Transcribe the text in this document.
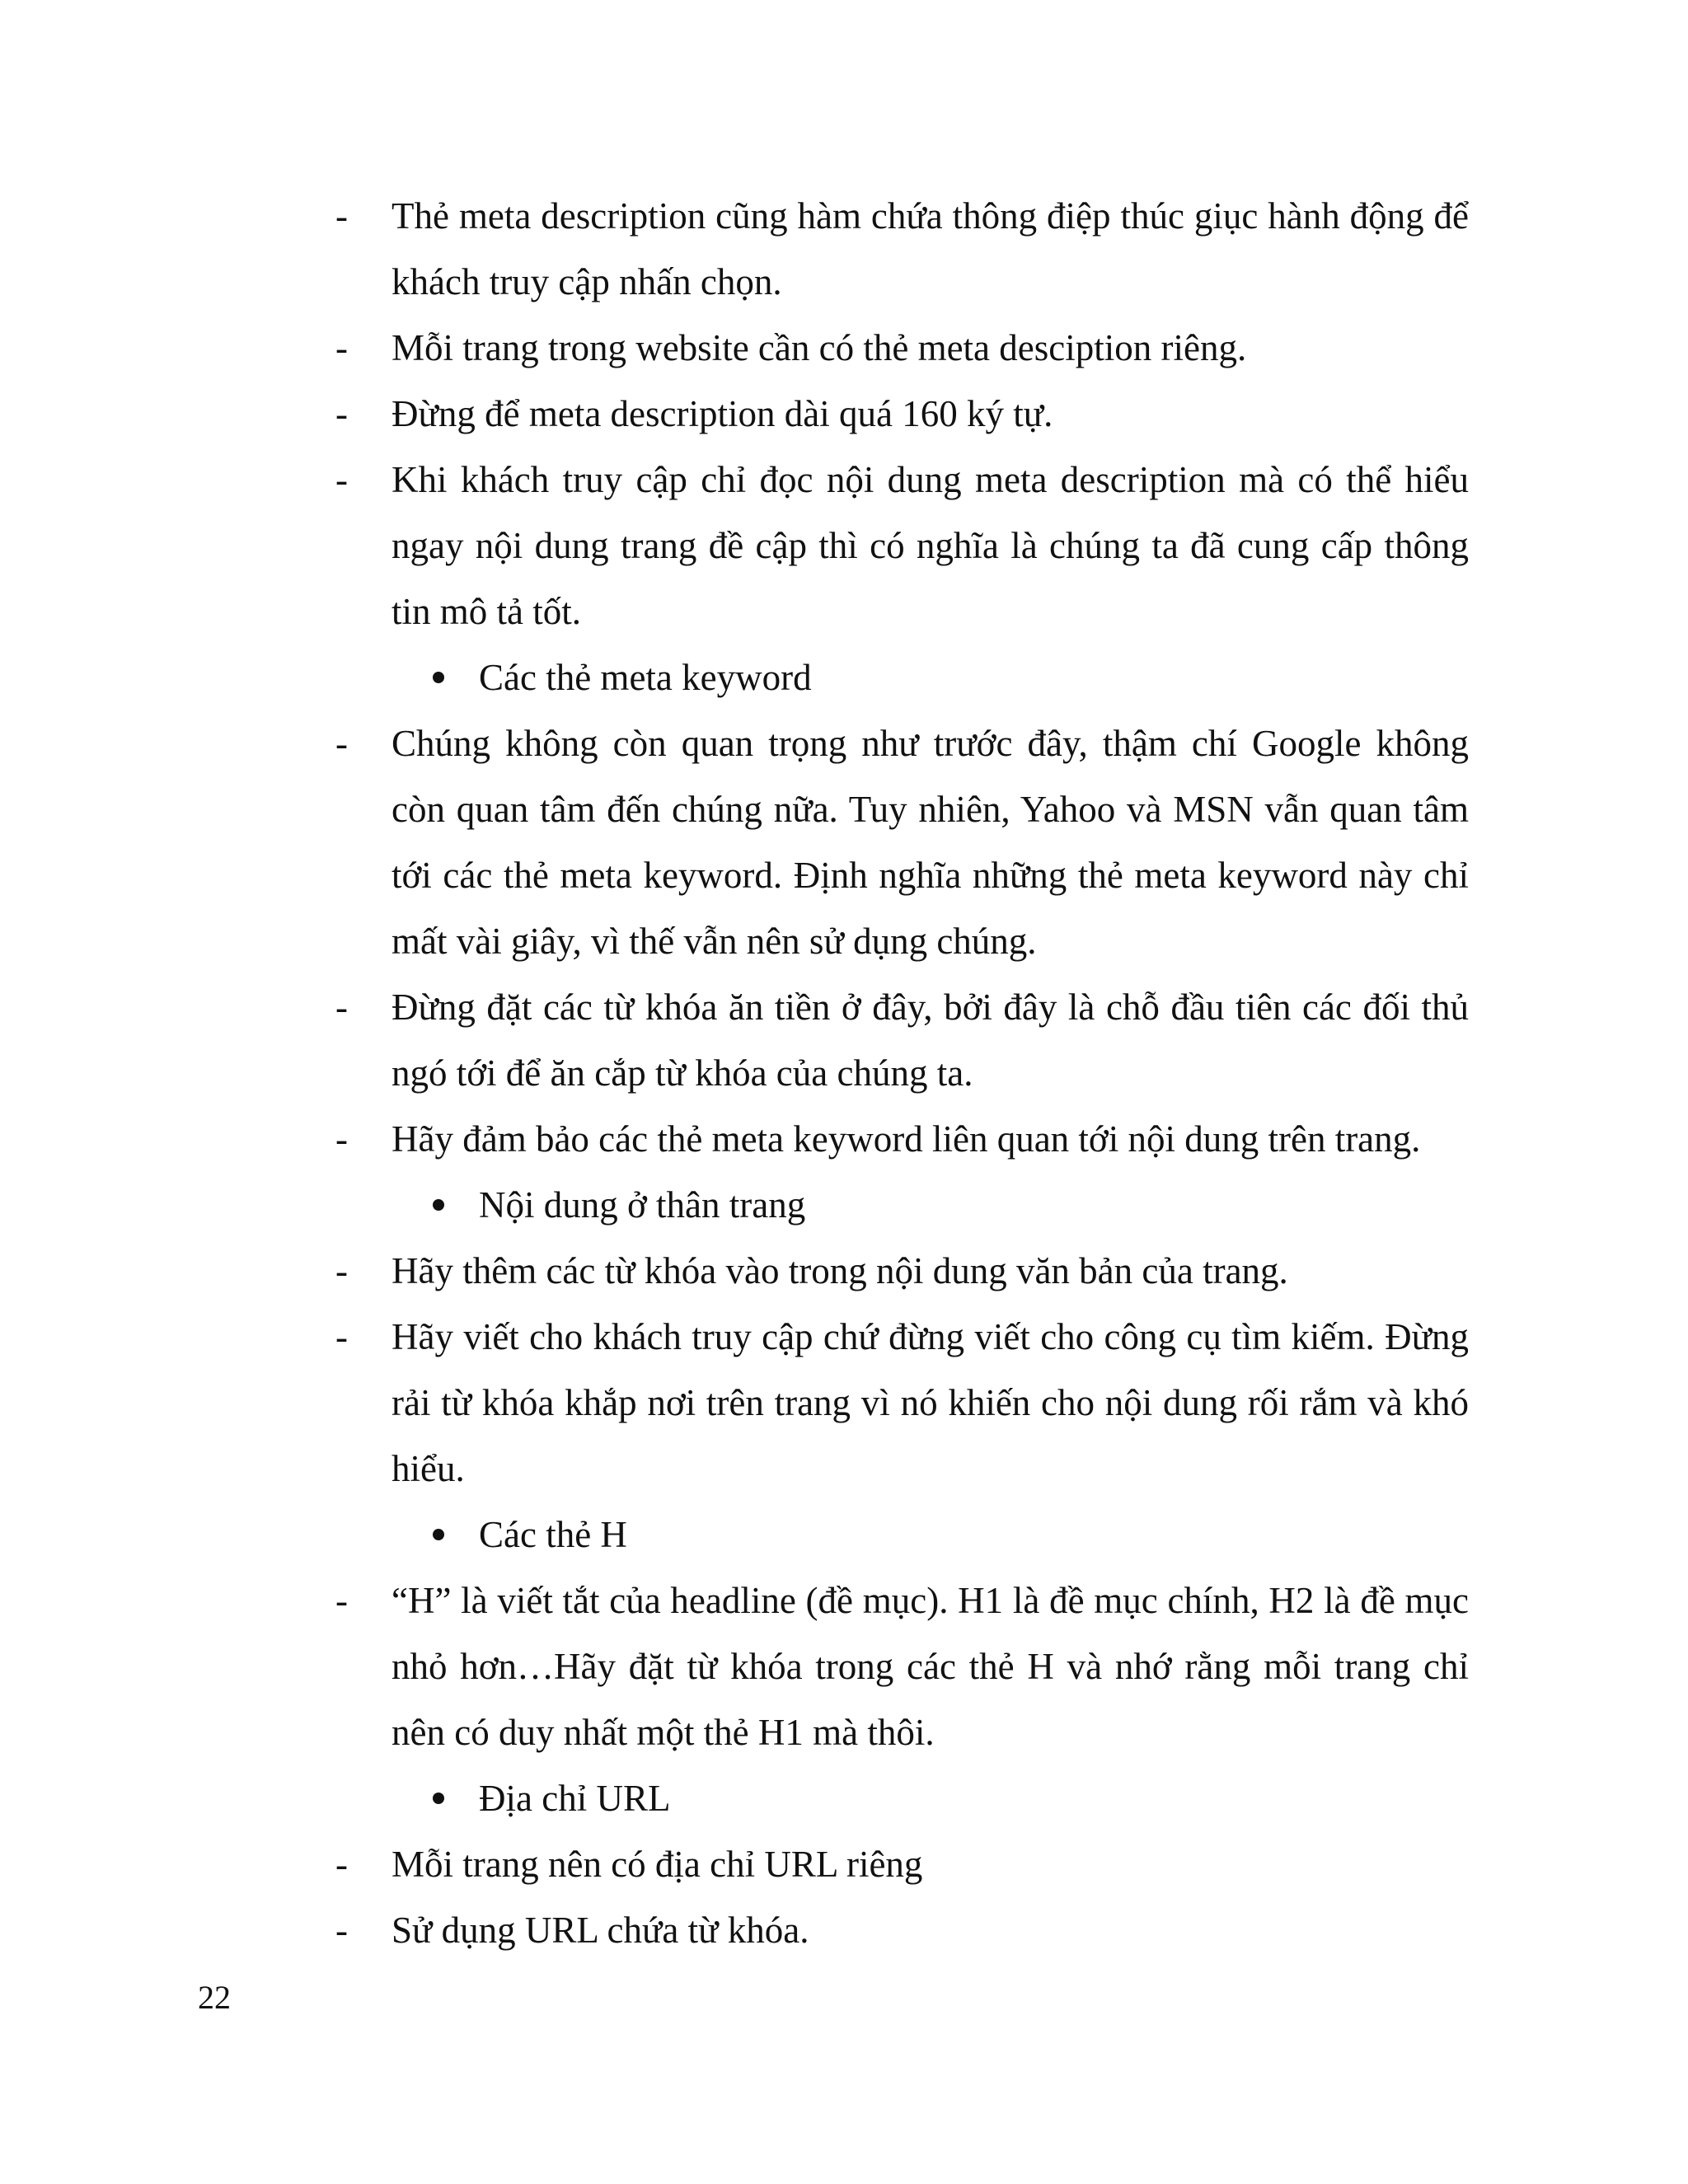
-	Thẻ meta description cũng hàm chứa thông điệp thúc giục hành động để khách truy cập nhấn chọn.
-	Mỗi trang trong website cần có thẻ meta desciption riêng.
-	Đừng để meta description dài quá 160 ký tự.
-	Khi khách truy cập chỉ đọc nội dung meta description mà có thể hiểu ngay nội dung trang đề cập thì có nghĩa là chúng ta đã cung cấp thông tin mô tả tốt.
Các thẻ meta keyword
-	Chúng không còn quan trọng như trước đây, thậm chí Google không còn quan tâm đến chúng nữa. Tuy nhiên, Yahoo và MSN vẫn quan tâm tới các thẻ meta keyword. Định nghĩa những thẻ meta keyword này chỉ mất vài giây, vì thế vẫn nên sử dụng chúng.
-	Đừng đặt các từ khóa ăn tiền ở đây, bởi đây là chỗ đầu tiên các đối thủ ngó tới để ăn cắp từ khóa của chúng ta.
-	Hãy đảm bảo các thẻ meta keyword liên quan tới nội dung trên trang.
Nội dung ở thân trang
-	Hãy thêm các từ khóa vào trong nội dung văn bản của trang.
-	Hãy viết cho khách truy cập chứ đừng viết cho công cụ tìm kiếm. Đừng rải từ khóa khắp nơi trên trang vì nó khiến cho nội dung rối rắm và khó hiểu.
Các thẻ H
-	“H” là viết tắt của headline (đề mục). H1 là đề mục chính, H2 là đề mục nhỏ hơn…Hãy đặt từ khóa trong các thẻ H và nhớ rằng mỗi trang chỉ nên có duy nhất một thẻ H1 mà thôi.
Địa chỉ URL
-	Mỗi trang nên có địa chỉ URL riêng
-	Sử dụng URL chứa từ khóa.
22
